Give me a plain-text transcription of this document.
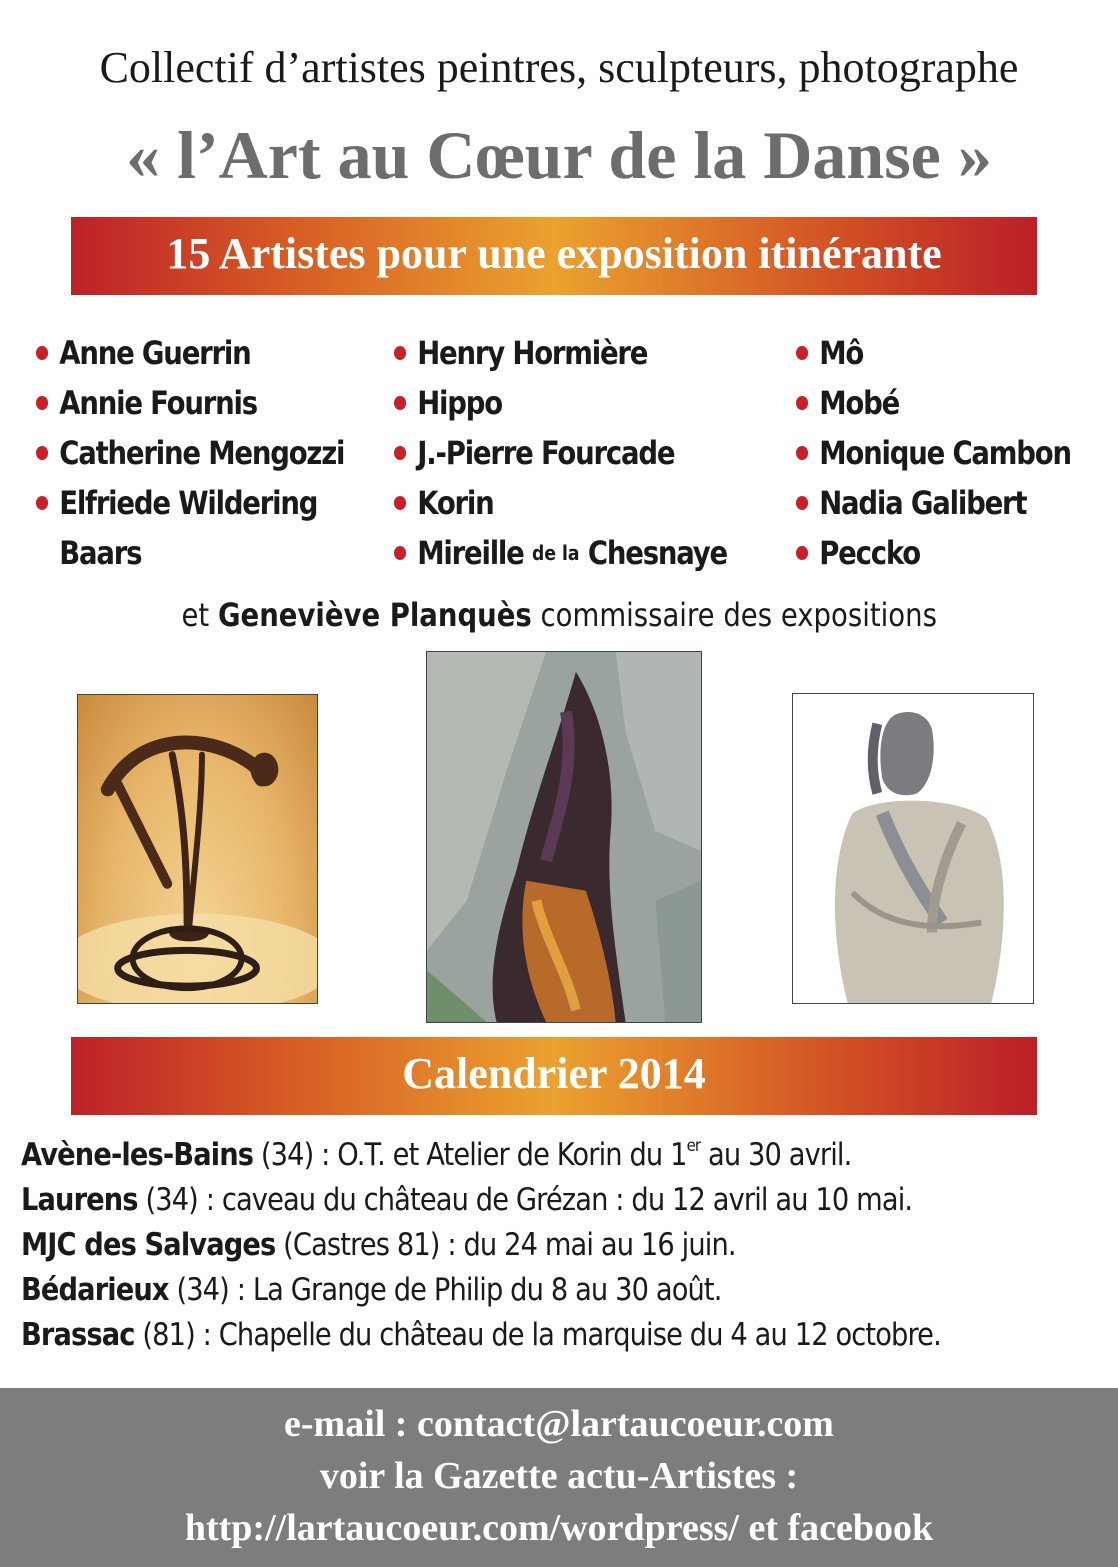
Collectif d’artistes peintres, sculpteurs, photographe
« l’Art au Cœur de la Danse »
15 Artistes pour une exposition itinérante
Anne Guerrin
Annie Fournis
Catherine Mengozzi
Elfriede Wildering Baars
Henry Hormière
Hippo
J.-Pierre Fourcade
Korin
Mireille
de la
Chesnaye
Mô
Mobé
Monique Cambon
Nadia Galibert
Peccko
et Geneviève Planquès commissaire des expositions
Calendrier 2014
Avène-les-Bains (34) : O.T. et Atelier de Korin du 1er au 30 avril.
Laurens (34) : caveau du château de Grézan : du 12 avril au 10 mai.
MJC des Salvages (Castres 81) : du 24 mai au 16 juin.
Bédarieux (34) : La Grange de Philip du 8 au 30 août.
Brassac (81) : Chapelle du château de la marquise du 4 au 12 octobre.
e-mail : contact@lartaucoeur.com
voir la Gazette actu-Artistes :
http://lartaucoeur.com/wordpress/ et facebook
